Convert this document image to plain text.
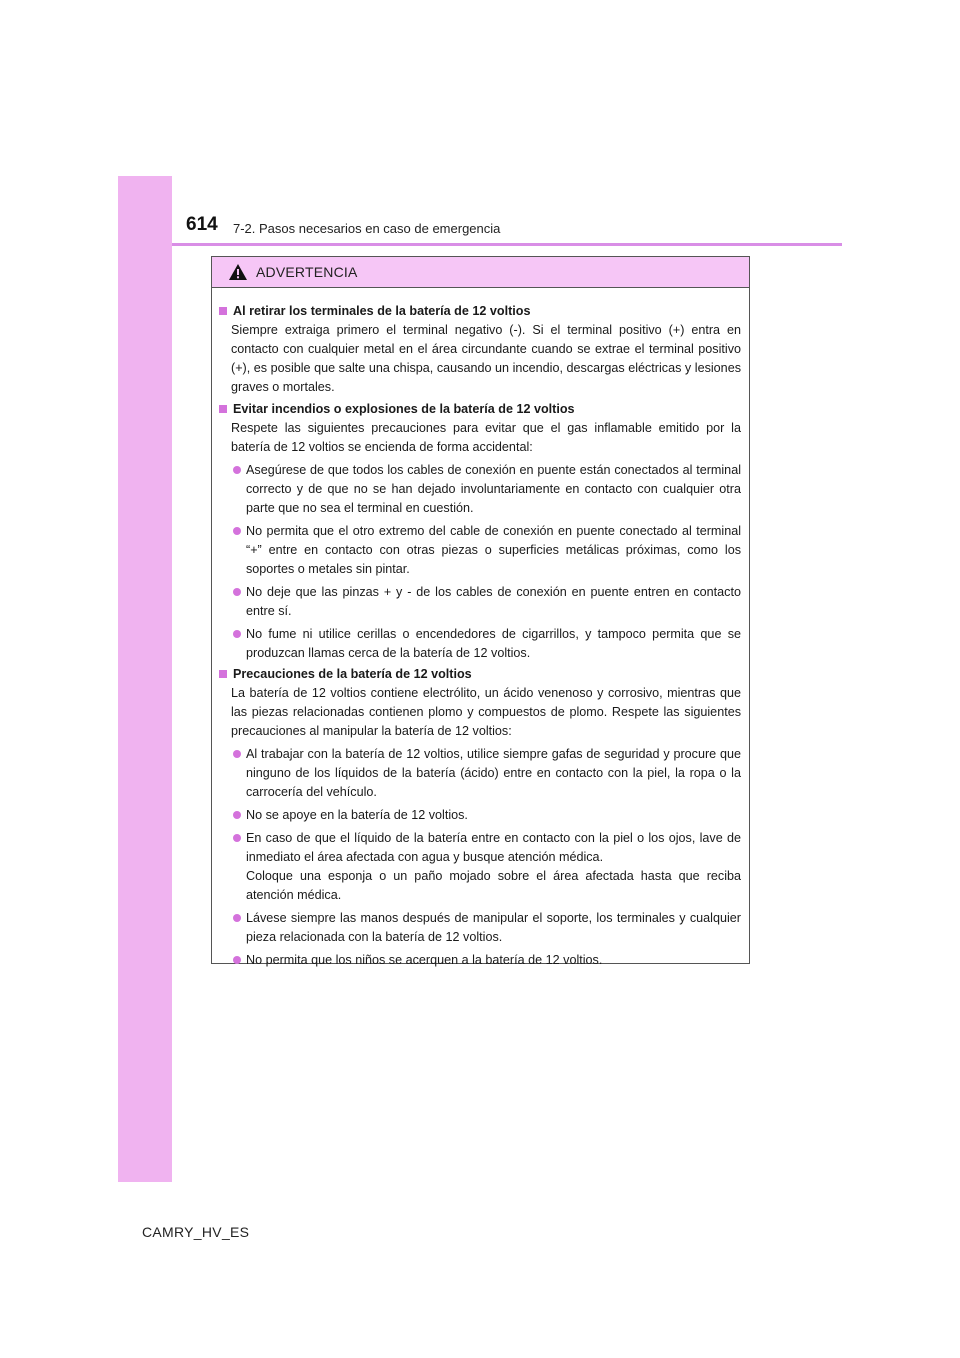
614 7-2. Pasos necesarios en caso de emergencia
ADVERTENCIA
Al retirar los terminales de la batería de 12 voltios
Siempre extraiga primero el terminal negativo (-). Si el terminal positivo (+) entra en contacto con cualquier metal en el área circundante cuando se extrae el terminal positivo (+), es posible que salte una chispa, causando un incendio, descargas eléctricas y lesiones graves o mortales.
Evitar incendios o explosiones de la batería de 12 voltios
Respete las siguientes precauciones para evitar que el gas inflamable emitido por la batería de 12 voltios se encienda de forma accidental:
Asegúrese de que todos los cables de conexión en puente están conectados al terminal correcto y de que no se han dejado involuntariamente en contacto con cualquier otra parte que no sea el terminal en cuestión.
No permita que el otro extremo del cable de conexión en puente conectado al terminal “+” entre en contacto con otras piezas o superficies metálicas próximas, como los soportes o metales sin pintar.
No deje que las pinzas + y - de los cables de conexión en puente entren en contacto entre sí.
No fume ni utilice cerillas o encendedores de cigarrillos, y tampoco permita que se produzcan llamas cerca de la batería de 12 voltios.
Precauciones de la batería de 12 voltios
La batería de 12 voltios contiene electrólito, un ácido venenoso y corrosivo, mientras que las piezas relacionadas contienen plomo y compuestos de plomo. Respete las siguientes precauciones al manipular la batería de 12 voltios:
Al trabajar con la batería de 12 voltios, utilice siempre gafas de seguridad y procure que ninguno de los líquidos de la batería (ácido) entre en contacto con la piel, la ropa o la carrocería del vehículo.
No se apoye en la batería de 12 voltios.
En caso de que el líquido de la batería entre en contacto con la piel o los ojos, lave de inmediato el área afectada con agua y busque atención médica.
Coloque una esponja o un paño mojado sobre el área afectada hasta que reciba atención médica.
Lávese siempre las manos después de manipular el soporte, los terminales y cualquier pieza relacionada con la batería de 12 voltios.
No permita que los niños se acerquen a la batería de 12 voltios.
CAMRY_HV_ES
